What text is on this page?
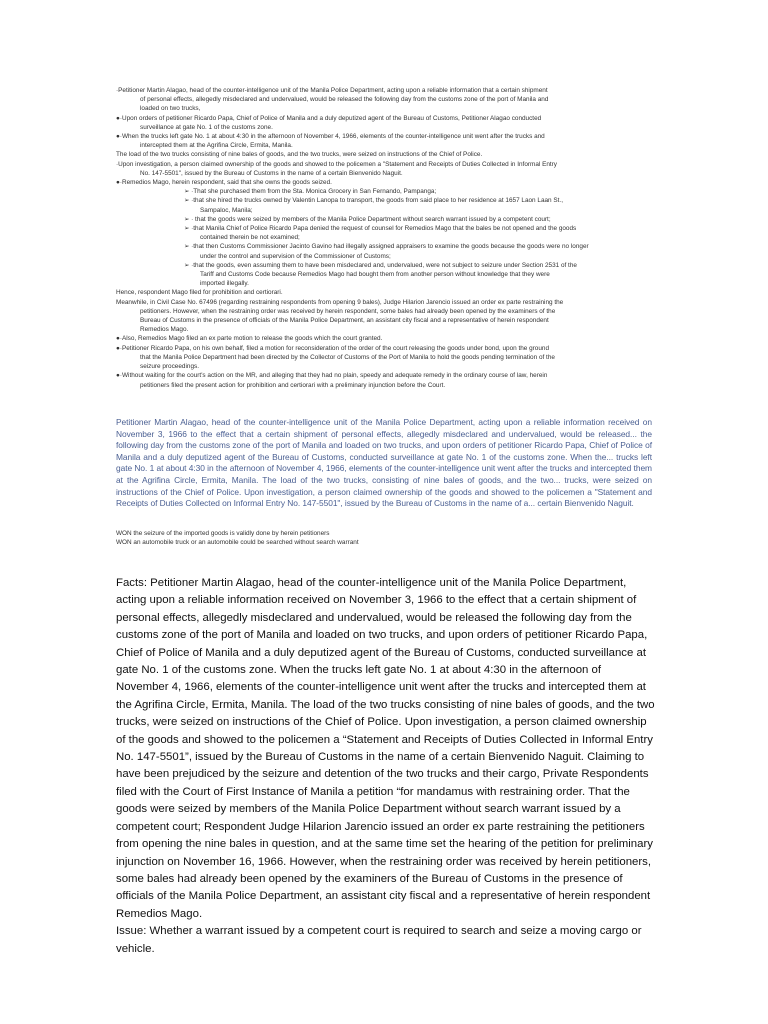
·Petitioner Martin Alagao, head of the counter-intelligence unit of the Manila Police Department, acting upon a reliable information that a certain shipment

of personal effects, allegedly misdeclared and undervalued, would be released the following day from the customs zone of the port of Manila and

loaded on two trucks,

●·Upon orders of petitioner Ricardo Papa, Chief of Police of Manila and a duly deputized agent of the Bureau of Customs, Petitioner Alagao conducted

surveillance at gate No. 1 of the customs zone.

●·When the trucks left gate No. 1 at about 4:30 in the afternoon of November 4, 1966, elements of the counter-intelligence unit went after the trucks and

intercepted them at the Agrifina Circle, Ermita, Manila.

The load of the two trucks consisting of nine bales of goods, and the two trucks, were seized on instructions of the Chief of Police.

·Upon investigation, a person claimed ownership of the goods and showed to the policemen a "Statement and Receipts of Duties Collected in Informal Entry

No. 147-5501", issued by the Bureau of Customs in the name of a certain Bienvenido Naguit.

●·Remedios Mago, herein respondent, said that she owns the goods seized.

➢ ·That she purchased them from the Sta. Monica Grocery in San Fernando, Pampanga;

➢ ·that she hired the trucks owned by Valentin Lanopa to transport, the goods from said place to her residence at 1657 Laon Laan St.,

Sampaloc, Manila;

➢ · that the goods were seized by members of the Manila Police Department without search warrant issued by a competent court;

➢ ·that Manila Chief of Police Ricardo Papa denied the request of counsel for Remedios Mago that the bales be not opened and the goods

contained therein be not examined;

➢ ·that then Customs Commissioner Jacinto Gavino had illegally assigned appraisers to examine the goods because the goods were no longer

under the control and supervision of the Commissioner of Customs;

➢ ·that the goods, even assuming them to have been misdeclared and, undervalued, were not subject to seizure under Section 2531 of the

Tariff and Customs Code because Remedios Mago had bought them from another person without knowledge that they were

imported illegally.

Hence, respondent Mago filed for prohibition and certiorari.

Meanwhile, in Civil Case No. 67496 (regarding restraining respondents from opening 9 bales), Judge Hilarion Jarencio issued an order ex parte restraining the

petitioners. However, when the restraining order was received by herein respondent, some bales had already been opened by the examiners of the

Bureau of Customs in the presence of officials of the Manila Police Department, an assistant city fiscal and a representative of herein respondent

Remedios Mago.

●·Also, Remedios Mago filed an ex parte motion to release the goods which the court granted.

●·Petitioner Ricardo Papa, on his own behalf, filed a motion for reconsideration of the order of the court releasing the goods under bond, upon the ground

that the Manila Police Department had been directed by the Collector of Customs of the Port of Manila to hold the goods pending termination of the

seizure proceedings.

●·Without waiting for the court's action on the MR, and alleging that they had no plain, speedy and adequate remedy in the ordinary course of law, herein

petitioners filed the present action for prohibition and certiorari with a preliminary injunction before the Court.

Petitioner Martin Alagao, head of the counter-intelligence unit of the Manila Police Department, acting upon a reliable information received on November 3, 1966 to the effect that a certain shipment of personal effects, allegedly misdeclared and undervalued, would be released... the following day from the customs zone of the port of Manila and loaded on two trucks, and upon orders of petitioner Ricardo Papa, Chief of Police of Manila and a duly deputized agent of the Bureau of Customs, conducted surveillance at gate No. 1 of the customs zone. When the... trucks left gate No. 1 at about 4:30 in the afternoon of November 4, 1966, elements of the counter-intelligence unit went after the trucks and intercepted them at the Agrifina Circle, Ermita, Manila. The load of the two trucks, consisting of nine bales of goods, and the two... trucks, were seized on instructions of the Chief of Police. Upon investigation, a person claimed ownership of the goods and showed to the policemen a "Statement and Receipts of Duties Collected on Informal Entry No. 147-5501", issued by the Bureau of Customs in the name of a... certain Bienvenido Naguit.

WON the seizure of the imported goods is validly done by herein petitioners

WON an automobile truck or an automobile could be searched without search warrant

Facts: Petitioner Martin Alagao, head of the counter-intelligence unit of the Manila Police Department, acting upon a reliable information received on November 3, 1966 to the effect that a certain shipment of personal effects, allegedly misdeclared and undervalued, would be released the following day from the customs zone of the port of Manila and loaded on two trucks, and upon orders of petitioner Ricardo Papa, Chief of Police of Manila and a duly deputized agent of the Bureau of Customs, conducted surveillance at gate No. 1 of the customs zone. When the trucks left gate No. 1 at about 4:30 in the afternoon of November 4, 1966, elements of the counter-intelligence unit went after the trucks and intercepted them at the Agrifina Circle, Ermita, Manila. The load of the two trucks consisting of nine bales of goods, and the two trucks, were seized on instructions of the Chief of Police. Upon investigation, a person claimed ownership of the goods and showed to the policemen a “Statement and Receipts of Duties Collected in Informal Entry No. 147-5501”, issued by the Bureau of Customs in the name of a certain Bienvenido Naguit. Claiming to have been prejudiced by the seizure and detention of the two trucks and their cargo, Private Respondents filed with the Court of First Instance of Manila a petition “for mandamus with restraining order. That the goods were seized by members of the Manila Police Department without search warrant issued by a competent court; Respondent Judge Hilarion Jarencio issued an order ex parte restraining the petitioners from opening the nine bales in question, and at the same time set the hearing of the petition for preliminary injunction on November 16, 1966. However, when the restraining order was received by herein petitioners, some bales had already been opened by the examiners of the Bureau of Customs in the presence of officials of the Manila Police Department, an assistant city fiscal and a representative of herein respondent Remedios Mago.

Issue: Whether a warrant issued by a competent court is required to search and seize a moving cargo or vehicle.
